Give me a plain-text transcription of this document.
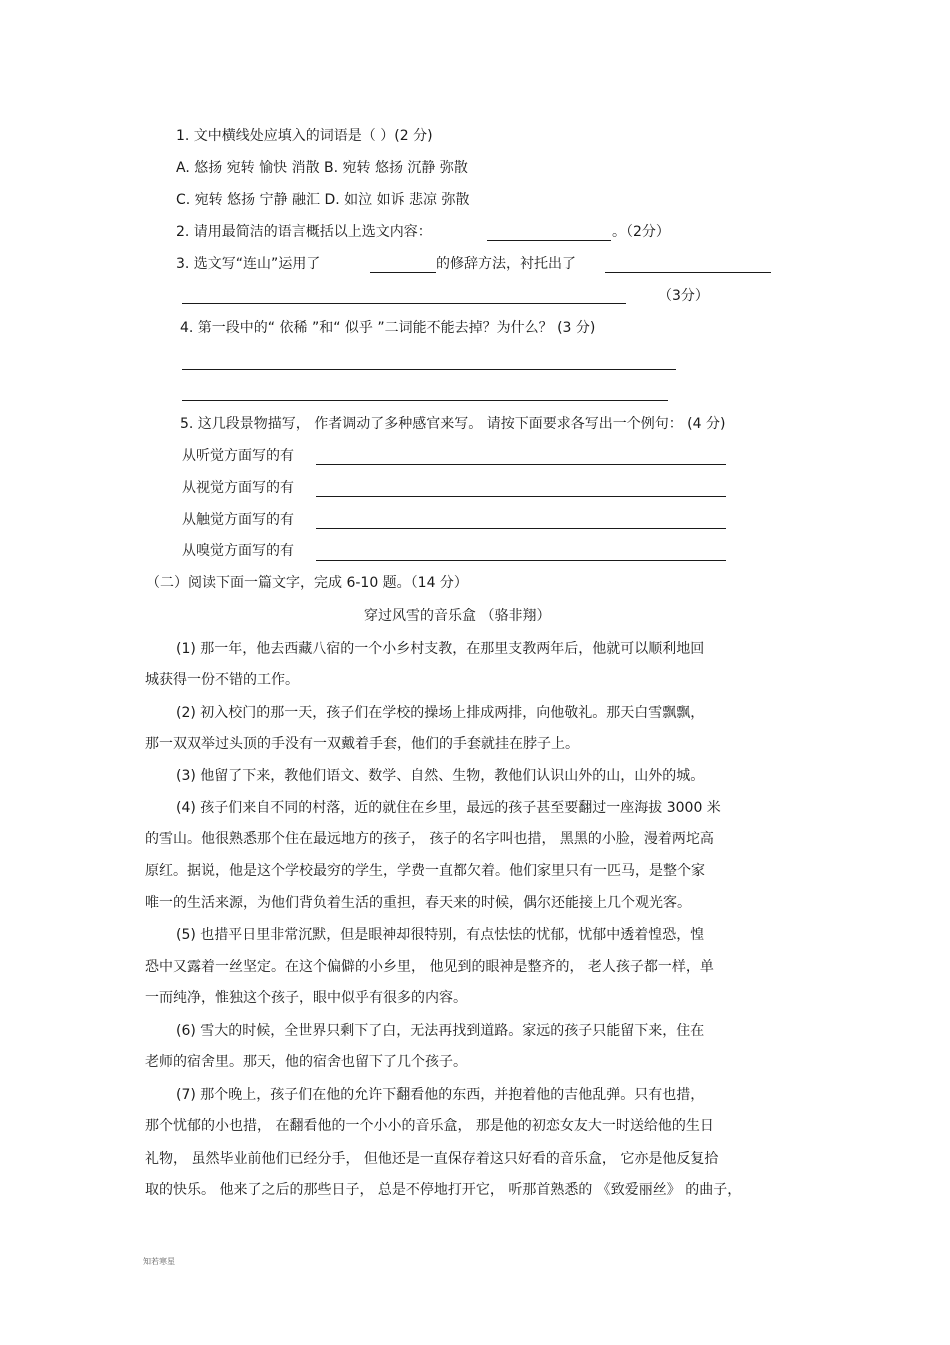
1. 文中横线处应填入的词语是（ ）(2 分)
A. 悠扬 宛转 愉快 消散 B. 宛转 悠扬 沉静 弥散
C. 宛转 悠扬 宁静 融汇 D. 如泣 如诉 悲凉 弥散
2. 请用最简洁的语言概括以上选文内容：	。（2分）
3. 选文写“连山”运用了	的修辞方法，衬托出了
（3分）
4. 第一段中的“ 依稀 ”和“ 似乎 ”二词能不能去掉？为什么？ (3 分)
5. 这几段景物描写， 作者调动了多种感官来写。 请按下面要求各写出一个例句： (4 分)
从听觉方面写的有
从视觉方面写的有
从触觉方面写的有
从嗅觉方面写的有
（二）阅读下面一篇文字，完成 6-10 题。（14 分）
穿过风雪的音乐盒 （骆非翔）
(1) 那一年，他去西藏八宿的一个小乡村支教，在那里支教两年后，他就可以顺利地回
城获得一份不错的工作。
(2) 初入校门的那一天，孩子们在学校的操场上排成两排，向他敬礼。那天白雪飘飘，
那一双双举过头顶的手没有一双戴着手套，他们的手套就挂在脖子上。
(3) 他留了下来，教他们语文、数学、自然、生物，教他们认识山外的山，山外的城。
(4) 孩子们来自不同的村落，近的就住在乡里，最远的孩子甚至要翻过一座海拔 3000 米
的雪山。他很熟悉那个住在最远地方的孩子， 孩子的名字叫也措， 黑黑的小脸，漫着两坨高
原红。据说，他是这个学校最穷的学生，学费一直都欠着。他们家里只有一匹马，是整个家
唯一的生活来源，为他们背负着生活的重担，春天来的时候，偶尔还能接上几个观光客。
(5) 也措平日里非常沉默，但是眼神却很特别，有点怯怯的忧郁，忧郁中透着惶恐，惶
恐中又露着一丝坚定。在这个偏僻的小乡里， 他见到的眼神是整齐的， 老人孩子都一样，单
一而纯净，惟独这个孩子，眼中似乎有很多的内容。
(6) 雪大的时候，全世界只剩下了白，无法再找到道路。家远的孩子只能留下来，住在
老师的宿舍里。那天，他的宿舍也留下了几个孩子。
(7) 那个晚上，孩子们在他的允许下翻看他的东西，并抱着他的吉他乱弹。只有也措，
那个忧郁的小也措， 在翻看他的一个小小的音乐盒， 那是他的初恋女友大一时送给他的生日
礼物， 虽然毕业前他们已经分手， 但他还是一直保存着这只好看的音乐盒， 它亦是他反复拾
取的快乐。 他来了之后的那些日子， 总是不停地打开它， 听那首熟悉的 《致爱丽丝》 的曲子，
知若寒星
